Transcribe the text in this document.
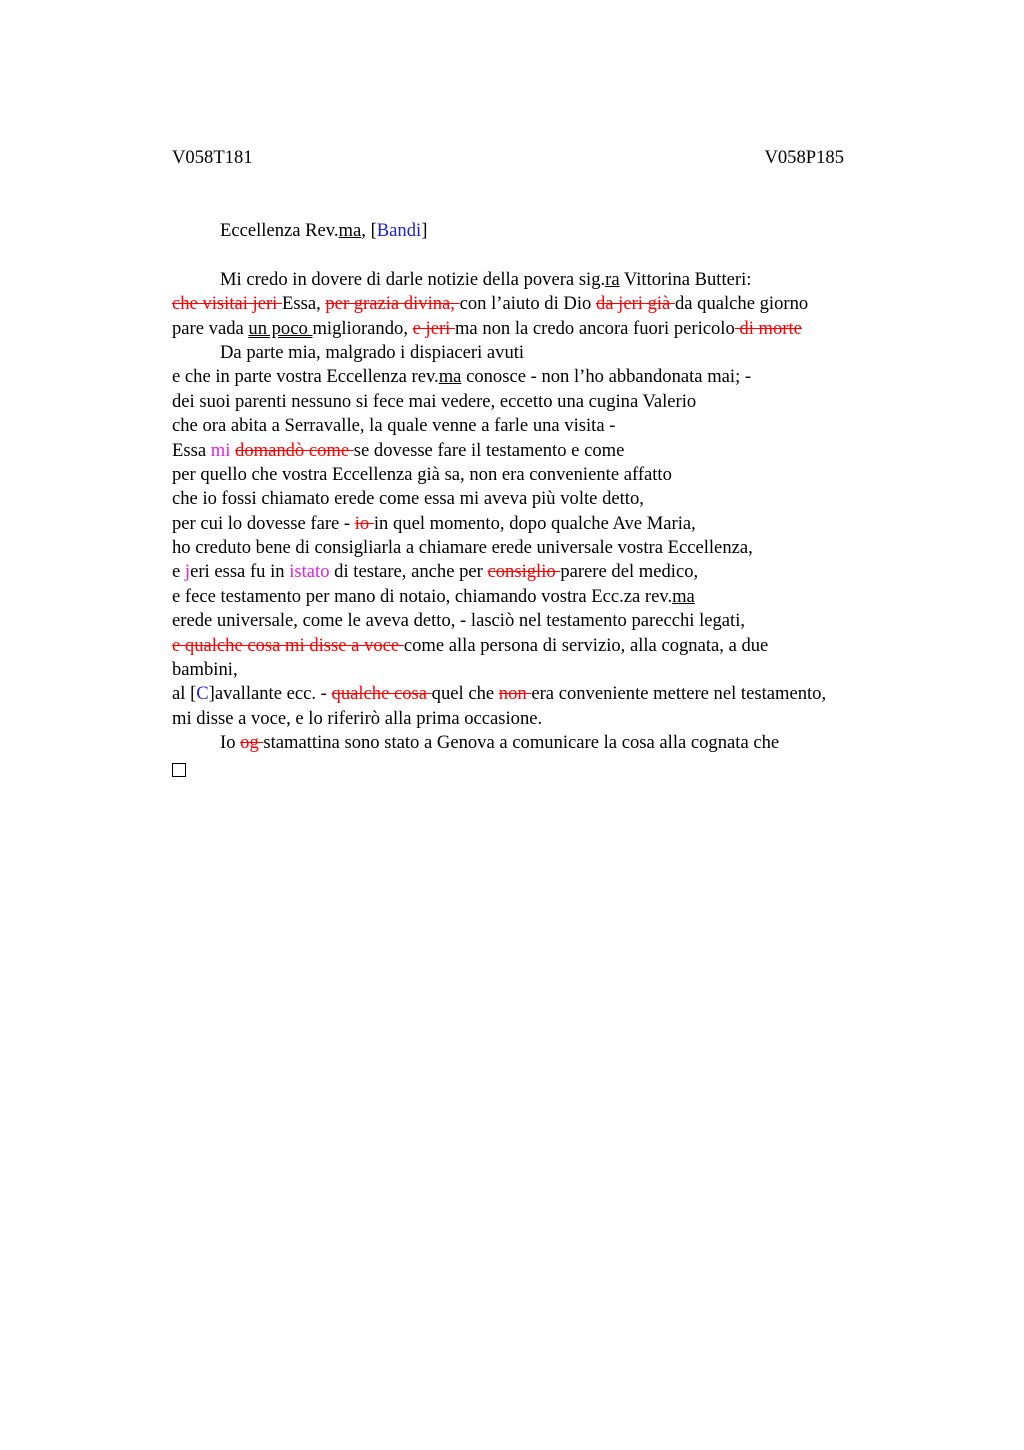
V058T181	V058P185
Eccellenza Rev.ma, [Bandi]
Mi credo in dovere di darle notizie della povera sig.ra Vittorina Butteri:
che visitai jeri Essa, per grazia divina, con l’aiuto di Dio da jeri già da qualche giorno
pare vada un poco migliorando, e jeri ma non la credo ancora fuori pericolo di morte
Da parte mia, malgrado i dispiaceri avuti
e che in parte vostra Eccellenza rev.ma conosce - non l’ho abbandonata mai; -
dei suoi parenti nessuno si fece mai vedere, eccetto una cugina Valerio
che ora abita a Serravalle, la quale venne a farle una visita -
Essa mi domandò come se dovesse fare il testamento e come
per quello che vostra Eccellenza già sa, non era conveniente affatto
che io fossi chiamato erede come essa mi aveva più volte detto,
per cui lo dovesse fare - io in quel momento, dopo qualche Ave Maria,
ho creduto bene di consigliarla a chiamare erede universale vostra Eccellenza,
e jeri essa fu in istato di testare, anche per consiglio parere del medico,
e fece testamento per mano di notaio, chiamando vostra Ecc.za rev.ma
erede universale, come le aveva detto, - lasciò nel testamento parecchi legati,
e qualche cosa mi disse a voce come alla persona di servizio, alla cognata, a due
bambini,
al [C]avallante ecc. - qualche cosa quel che non era conveniente mettere nel testamento,
mi disse a voce, e lo riferirò alla prima occasione.
Io og stamattina sono stato a Genova a comunicare la cosa alla cognata che
